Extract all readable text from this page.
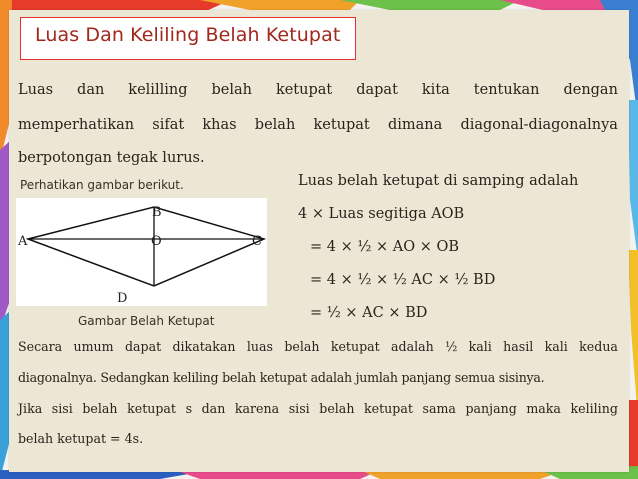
Luas Dan Keliling Belah Ketupat
Luas dan kelilling belah ketupat dapat kita tentukan dengan
memperhatikan sifat khas belah ketupat dimana diagonal-diagonalnya
berpotongan tegak lurus.
Perhatikan gambar berikut.
A
B
C
D
O
Gambar Belah Ketupat
Luas belah ketupat di samping adalah
4 × Luas segitiga AOB
= 4 × ½ × AO × OB
= 4 × ½ × ½ AC × ½ BD
= ½ × AC × BD
Secara umum dapat dikatakan luas belah ketupat adalah ½ kali hasil kali kedua
diagonalnya. Sedangkan keliling belah ketupat adalah jumlah panjang semua sisinya.
Jika sisi belah ketupat s dan karena sisi belah ketupat sama panjang maka keliling
belah ketupat = 4s.
